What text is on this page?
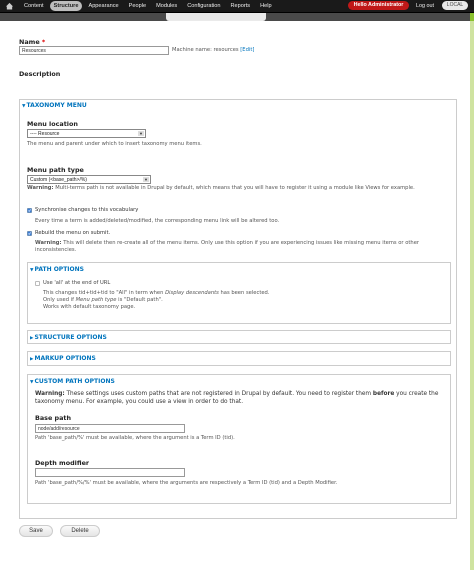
Content	Structure	Appearance	People	Modules	Configuration	Reports	Help	Hello Administrator	Log out	LOCAL
Name *
Resources	Machine name: resources [Edit]
Description
▼TAXONOMY MENU
Menu location
---- Resource	▼
The menu and parent under which to insert taxonomy menu items.
Menu path type
Custom (<base_path>/%)	▼
Warning: Multi-terms path is not available in Drupal by default, which means that you will have to register it using a module like Views for example.
Synchronise changes to this vocabulary
Every time a term is added/deleted/modified, the corresponding menu link will be altered too.
Rebuild the menu on submit.
Warning: This will delete then re-create all of the menu items. Only use this option if you are experiencing issues like missing menu items or other inconsistencies.
▼PATH OPTIONS
Use 'all' at the end of URL
This changes tid+tid+tid to "All" in term when Display descendants has been selected.
Only used if Menu path type is "Default path".
Works with default taxonomy page.
▶STRUCTURE OPTIONS
▶MARKUP OPTIONS
▼CUSTOM PATH OPTIONS
Warning: These settings uses custom paths that are not registered in Drupal by default. You need to register them before you create the taxonomy menu. For example, you could use a view in order to do that.
Base path
node/add/resource
Path 'base_path/%' must be available, where the argument is a Term ID (tid).
Depth modifier
Path 'base_path/%/%' must be available, where the arguments are respectively a Term ID (tid) and a Depth Modifier.
Save	Delete
